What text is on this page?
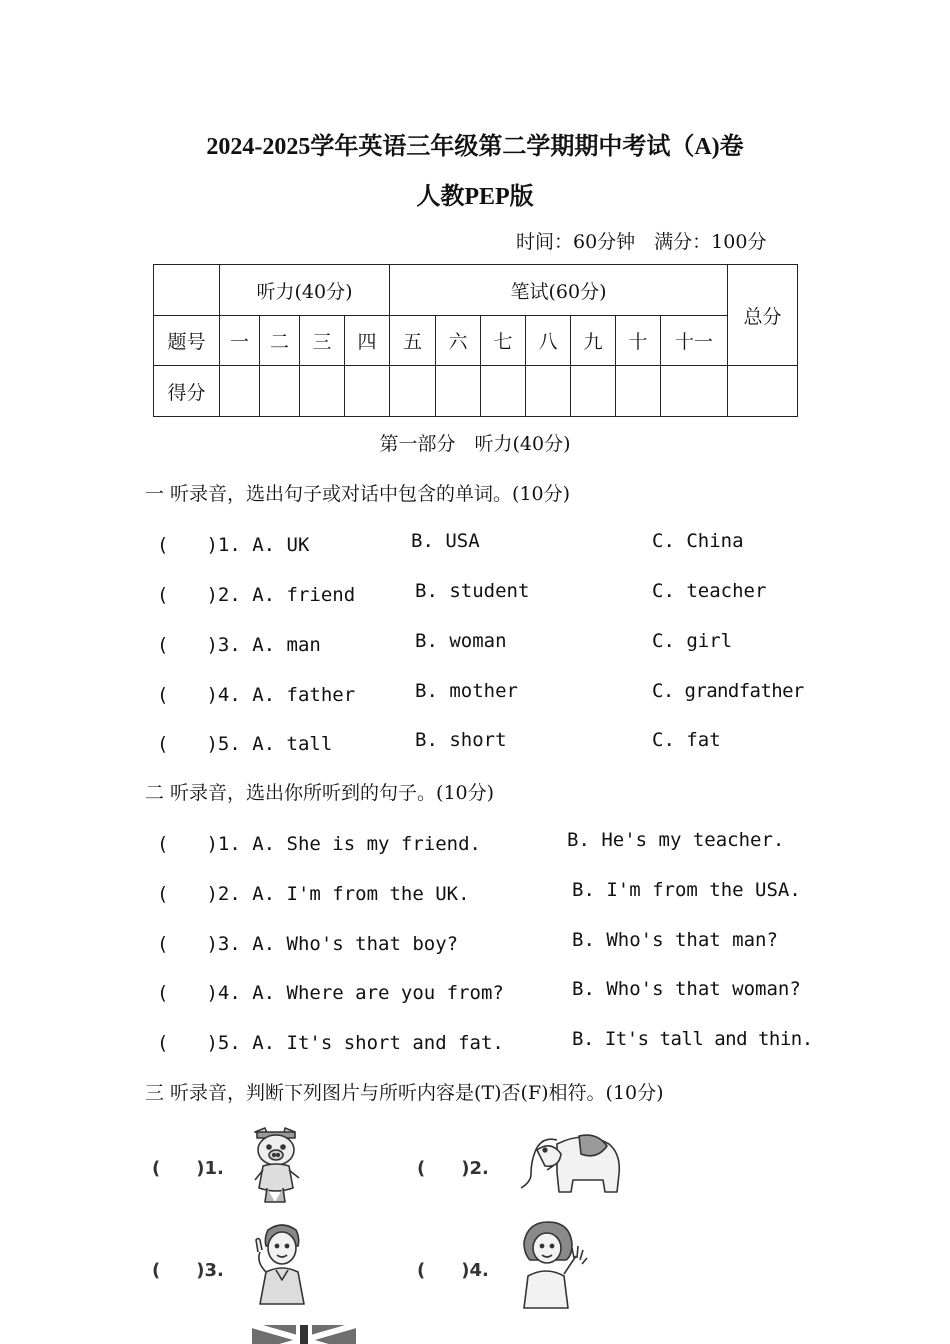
2024-2025学年英语三年级第二学期期中考试（A)卷
人教PEP版
时间：60分钟　满分：100分
	听力(40分)				笔试(60分)							总分
题号	一	二	三	四	五	六	七	八	九	十	十一	
得分												
第一部分　听力(40分)
一 听录音，选出句子或对话中包含的单词。(10分)
(　　)1. A. UK	B. USA	C. China
(　　)2. A. friend	B. student	C. teacher
(　　)3. A. man	B. woman	C. girl
(　　)4. A. father	B. mother	C. grandfather
(　　)5. A. tall	B. short	C. fat
二 听录音，选出你所听到的句子。(10分)
(　　)1. A. She is my friend.	B. He's my teacher.
(　　)2. A. I'm from the UK.	B. I'm from the USA.
(　　)3. A. Who's that boy?	B. Who's that man?
(　　)4. A. Where are you from?	B. Who's that woman?
(　　)5. A. It's short and fat.	B. It's tall and thin.
三 听录音，判断下列图片与所听内容是(T)否(F)相符。(10分)
(　　)1.	(　　)2.
(　　)3.	(　　)4.
